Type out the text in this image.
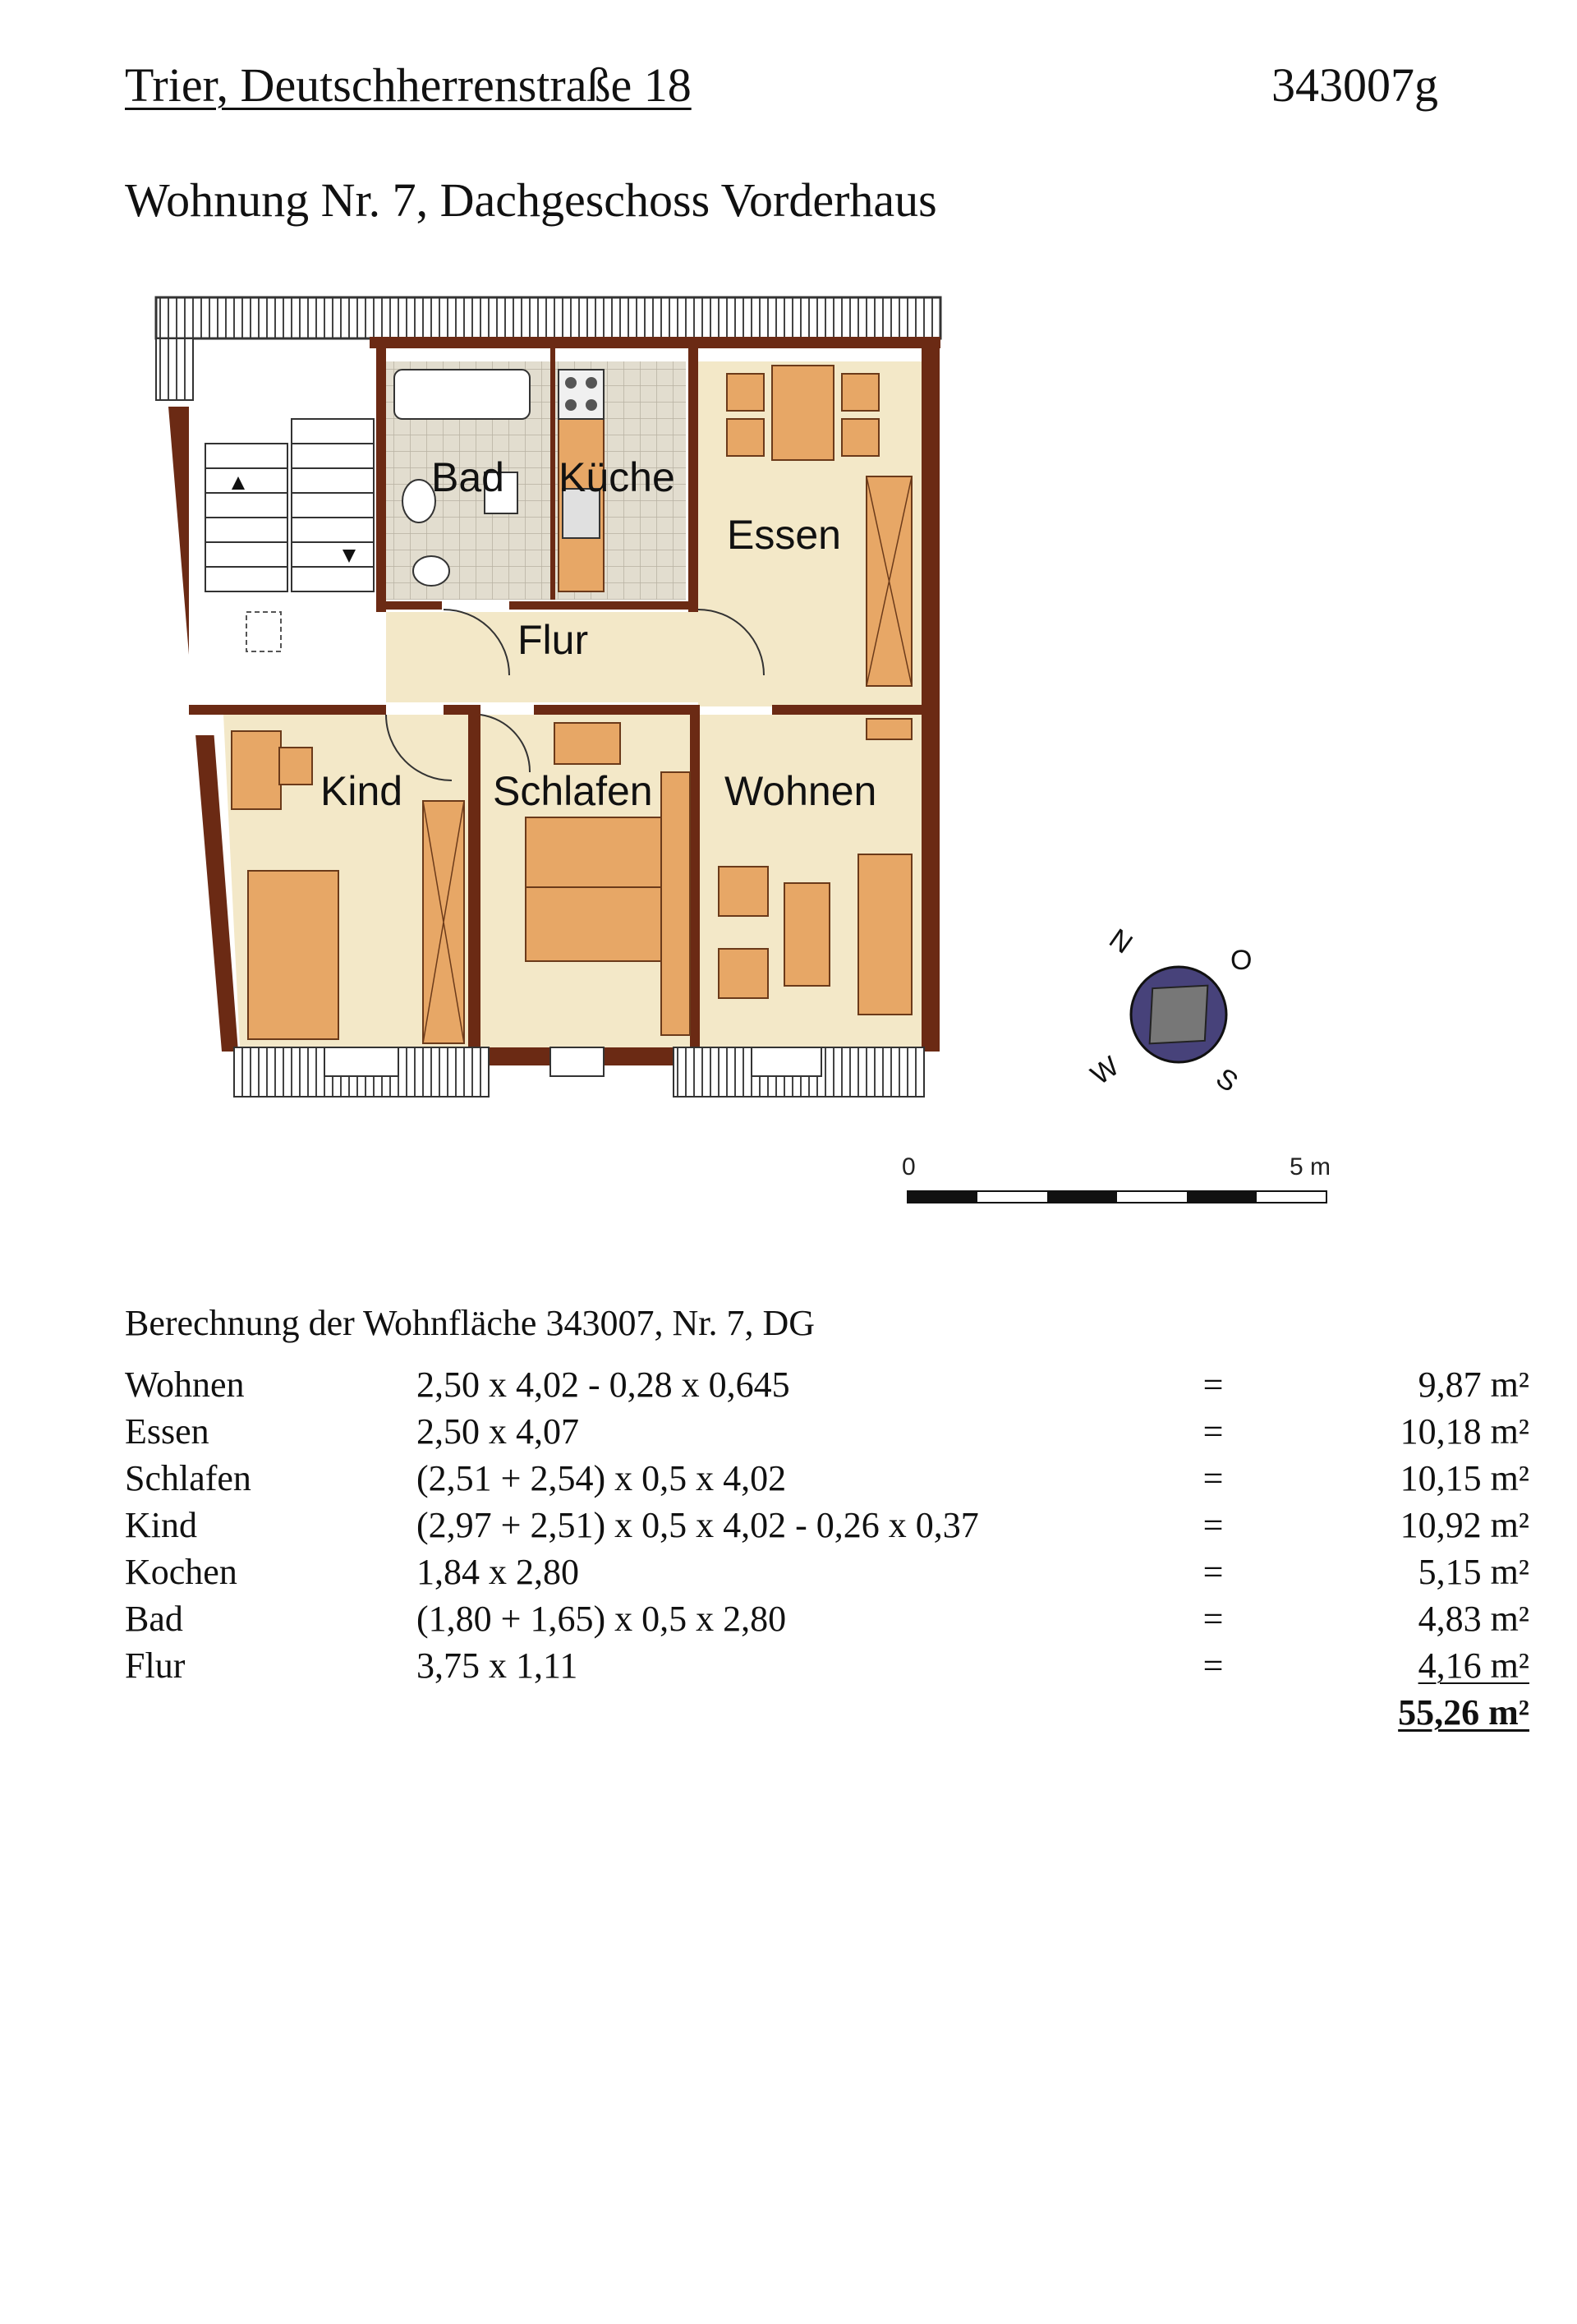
Trier, Deutschherrenstraße 18	343007g
Wohnung Nr. 7, Dachgeschoss Vorderhaus
Bad Küche
Essen
Flur
Kind Schlafen Wohnen
N
O
S
W
0	5 m
Berechnung der Wohnfläche 343007, Nr. 7, DG
Wohnen	2,50 x 4,02 - 0,28 x 0,645	=	9,87 m²
Essen	2,50 x 4,07	=	10,18 m²
Schlafen	(2,51 + 2,54) x 0,5 x 4,02	=	10,15 m²
Kind	(2,97 + 2,51) x 0,5 x 4,02 - 0,26 x 0,37	=	10,92 m²
Kochen	1,84 x 2,80	=	5,15 m²
Bad	(1,80 + 1,65) x 0,5 x 2,80	=	4,83 m²
Flur	3,75 x 1,11	=	4,16 m²
			55,26 m²
